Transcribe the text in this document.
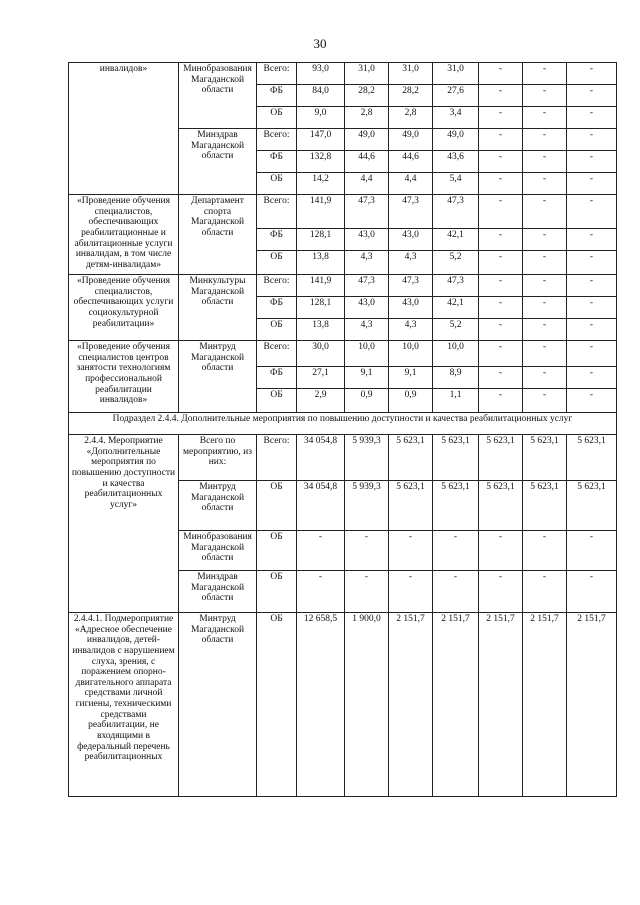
30
инвалидов»	Минобразования Магаданской области	Всего:	93,0	31,0	31,0	31,0	-	-	-
		ФБ	84,0	28,2	28,2	27,6	-	-	-
		ОБ	9,0	2,8	2,8	3,4	-	-	-
	Минздрав Магаданской области	Всего:	147,0	49,0	49,0	49,0	-	-	-
		ФБ	132,8	44,6	44,6	43,6	-	-	-
		ОБ	14,2	4,4	4,4	5,4	-	-	-
«Проведение обучения специалистов, обеспечивающих реабилитационные и абилитационные услуги инвалидам, в том числе детям-инвалидам»	Департамент спорта Магаданской области	Всего:	141,9	47,3	47,3	47,3	-	-	-
		ФБ	128,1	43,0	43,0	42,1	-	-	-
		ОБ	13,8	4,3	4,3	5,2	-	-	-
«Проведение обучения специалистов, обеспечивающих услуги социокультурной реабилитации»	Минкультуры Магаданской области	Всего:	141,9	47,3	47,3	47,3	-	-	-
		ФБ	128,1	43,0	43,0	42,1	-	-	-
		ОБ	13,8	4,3	4,3	5,2	-	-	-
«Проведение обучения специалистов центров занятости технологиям профессиональной реабилитации инвалидов»	Минтруд Магаданской области	Всего:	30,0	10,0	10,0	10,0	-	-	-
		ФБ	27,1	9,1	9,1	8,9	-	-	-
		ОБ	2,9	0,9	0,9	1,1	-	-	-
Подраздел 2.4.4. Дополнительные мероприятия по повышению доступности и качества реабилитационных услуг									
2.4.4. Мероприятие «Дополнительные мероприятия по повышению доступности и качества реабилитационных услуг»	Всего по мероприятию, из них:	Всего:	34 054,8	5 939,3	5 623,1	5 623,1	5 623,1	5 623,1	5 623,1
	Минтруд Магаданской области	ОБ	34 054,8	5 939,3	5 623,1	5 623,1	5 623,1	5 623,1	5 623,1
	Минобразования Магаданской области	ОБ	-	-	-	-	-	-	-
	Минздрав Магаданской области	ОБ	-	-	-	-	-	-	-
2.4.4.1. Подмероприятие «Адресное обеспечение инвалидов, детей-инвалидов с нарушением слуха, зрения, с поражением опорно-двигательного аппарата средствами личной гигиены, техническими средствами реабилитации, не входящими в федеральный перечень реабилитационных	Минтруд Магаданской области	ОБ	12 658,5	1 900,0	2 151,7	2 151,7	2 151,7	2 151,7	2 151,7
